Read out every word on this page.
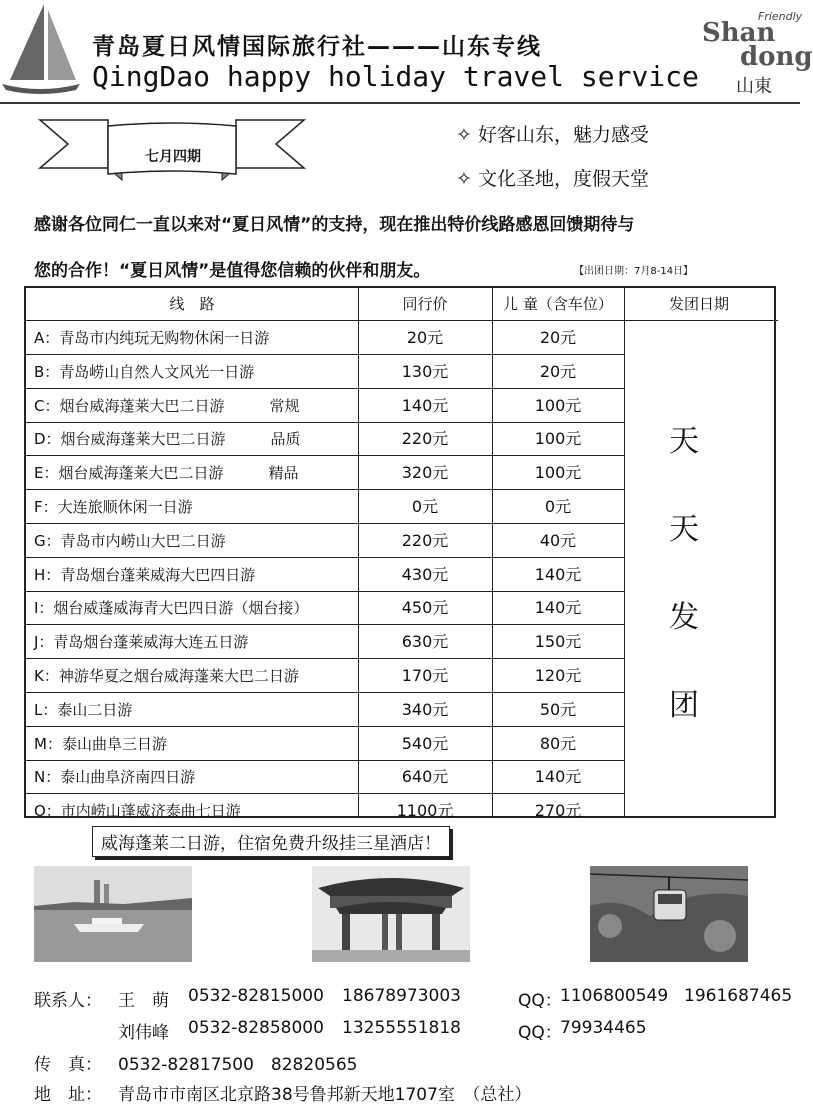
青岛夏日风情国际旅行社———山东专线
QingDao happy holiday travel service
Friendly
Shan
dong
山東
七月四期
✧ 好客山东，魅力感受
✧ 文化圣地，度假天堂
感谢各位同仁一直以来对“夏日风情”的支持，现在推出特价线路感恩回馈期待与
您的合作！“夏日风情”是值得您信赖的伙伴和朋友。	【出团日期：7月8-14日】
线　路	同行价	儿 童（含车位）	发团日期
A：青岛市内纯玩无购物休闲一日游	20元	20元
B：青岛崂山自然人文风光一日游	130元	20元
C：烟台威海蓬莱大巴二日游　　　常规	140元	100元
D：烟台威海蓬莱大巴二日游　　　品质	220元	100元
E：烟台威海蓬莱大巴二日游　　　精品	320元	100元
F：大连旅顺休闲一日游	0元	0元
G：青岛市内崂山大巴二日游	220元	40元
H：青岛烟台蓬莱威海大巴四日游	430元	140元
I：烟台威蓬威海青大巴四日游（烟台接）	450元	140元
J：青岛烟台蓬莱威海大连五日游	630元	150元
K：神游华夏之烟台威海蓬莱大巴二日游	170元	120元
L：泰山二日游	340元	50元
M：泰山曲阜三日游	540元	80元
N：泰山曲阜济南四日游	640元	140元
O：市内崂山蓬威济泰曲七日游	1100元	270元
天
天
发
团
威海蓬莱二日游，住宿免费升级挂三星酒店！
联系人： 王　萌 0532-82815000 18678973003	QQ：
1106800549 1961687465
刘伟峰 0532-82858000 13255551818	QQ：
79934465
传　真： 0532-82817500　82820565
地　址： 青岛市市南区北京路38号鲁邦新天地1707室　（总社）
